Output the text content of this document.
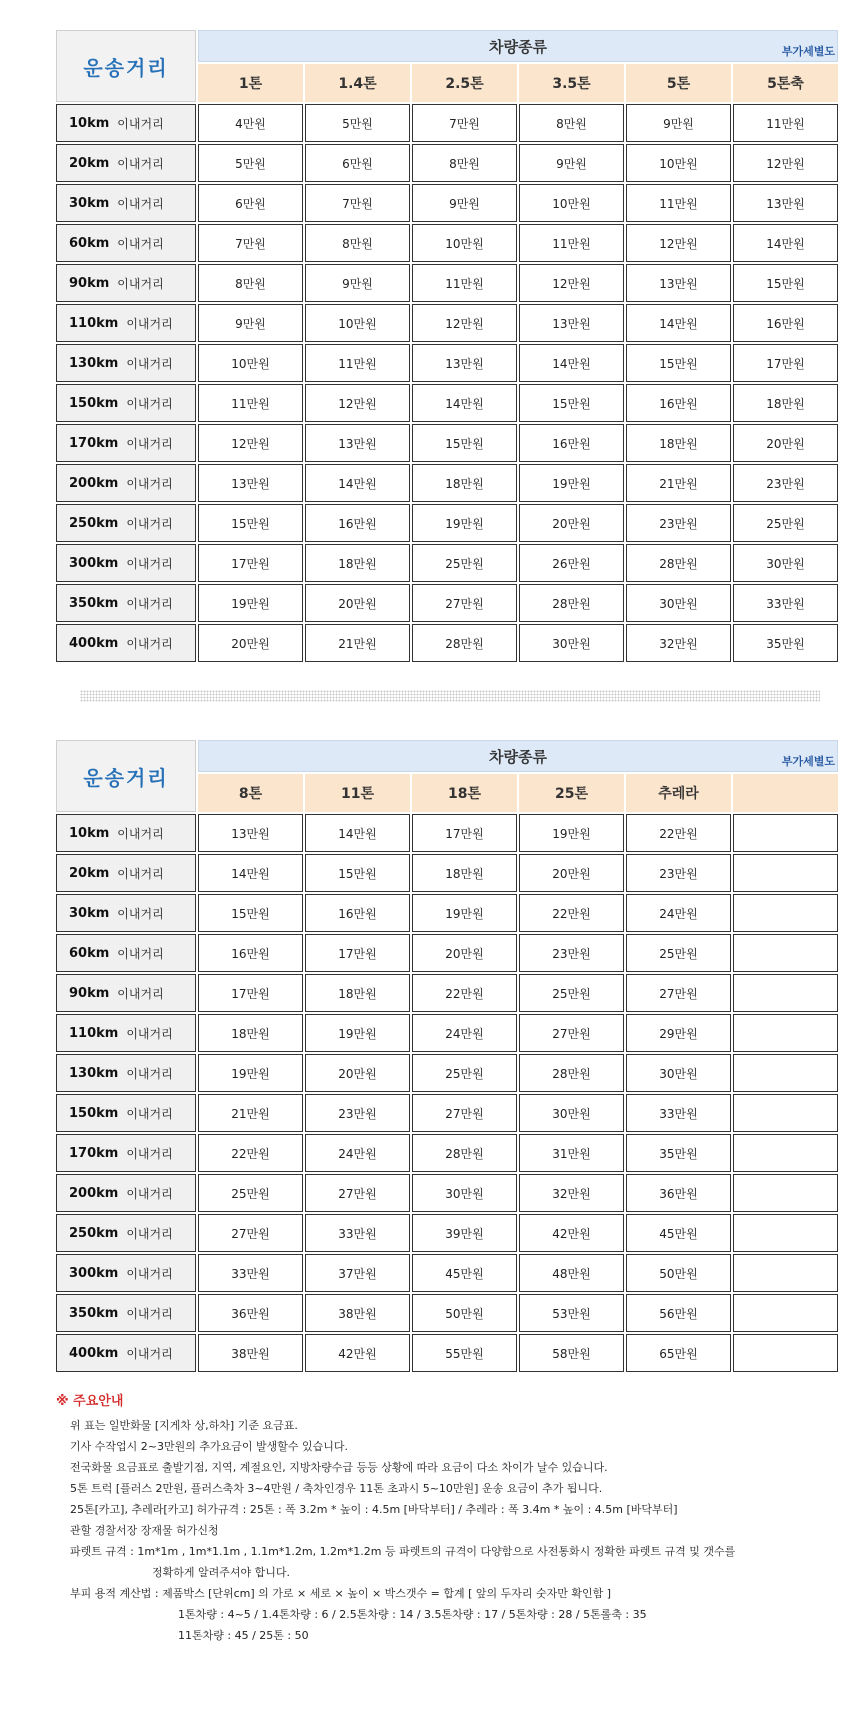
운송거리
차량종류	부가세별도
1톤	1.4톤	2.5톤	3.5톤	5톤	5톤축
10km 이내거리	4만원	5만원	7만원	8만원	9만원	11만원
20km 이내거리	5만원	6만원	8만원	9만원	10만원	12만원
30km 이내거리	6만원	7만원	9만원	10만원	11만원	13만원
60km 이내거리	7만원	8만원	10만원	11만원	12만원	14만원
90km 이내거리	8만원	9만원	11만원	12만원	13만원	15만원
110km 이내거리	9만원	10만원	12만원	13만원	14만원	16만원
130km 이내거리	10만원	11만원	13만원	14만원	15만원	17만원
150km 이내거리	11만원	12만원	14만원	15만원	16만원	18만원
170km 이내거리	12만원	13만원	15만원	16만원	18만원	20만원
200km 이내거리	13만원	14만원	18만원	19만원	21만원	23만원
250km 이내거리	15만원	16만원	19만원	20만원	23만원	25만원
300km 이내거리	17만원	18만원	25만원	26만원	28만원	30만원
350km 이내거리	19만원	20만원	27만원	28만원	30만원	33만원
400km 이내거리	20만원	21만원	28만원	30만원	32만원	35만원
운송거리
차량종류	부가세별도
8톤	11톤	18톤	25톤	추레라
10km 이내거리	13만원	14만원	17만원	19만원	22만원
20km 이내거리	14만원	15만원	18만원	20만원	23만원
30km 이내거리	15만원	16만원	19만원	22만원	24만원
60km 이내거리	16만원	17만원	20만원	23만원	25만원
90km 이내거리	17만원	18만원	22만원	25만원	27만원
110km 이내거리	18만원	19만원	24만원	27만원	29만원
130km 이내거리	19만원	20만원	25만원	28만원	30만원
150km 이내거리	21만원	23만원	27만원	30만원	33만원
170km 이내거리	22만원	24만원	28만원	31만원	35만원
200km 이내거리	25만원	27만원	30만원	32만원	36만원
250km 이내거리	27만원	33만원	39만원	42만원	45만원
300km 이내거리	33만원	37만원	45만원	48만원	50만원
350km 이내거리	36만원	38만원	50만원	53만원	56만원
400km 이내거리	38만원	42만원	55만원	58만원	65만원
※ 주요안내
위 표는 일반화물 [지게차 상,하차] 기준 요금표.
기사 수작업시 2~3만원의 추가요금이 발생할수 있습니다.
전국화물 요금표로 출발기점, 지역, 계절요인, 지방차량수급 등등 상황에 따라 요금이 다소 차이가 날수 있습니다.
5톤 트럭 [플러스 2만원, 플러스축차 3~4만원 / 축차인경우 11톤 초과시 5~10만원] 운송 요금이 추가 됩니다.
25톤[카고], 추레라[카고] 허가규격 : 25톤 : 폭 3.2m * 높이 : 4.5m [바닥부터] / 추레라 : 폭 3.4m * 높이 : 4.5m [바닥부터]
관할 경찰서장 장재물 허가신청
파렛트 규격 : 1m*1m , 1m*1.1m , 1.1m*1.2m, 1.2m*1.2m 등 파렛트의 규격이 다양함으로 사전통화시 정확한 파렛트 규격 및 갯수를
정확하게 알려주셔야 합니다.
부피 용적 계산법 : 제품박스 [단위cm] 의 가로 × 세로 × 높이 × 박스갯수 = 합계 [ 앞의 두자리 숫자만 확인함 ]
1톤차량 : 4~5 / 1.4톤차량 : 6 / 2.5톤차량 : 14 / 3.5톤차량 : 17 / 5톤차량 : 28 / 5톤롤축 : 35
11톤차량 : 45 / 25톤 : 50
